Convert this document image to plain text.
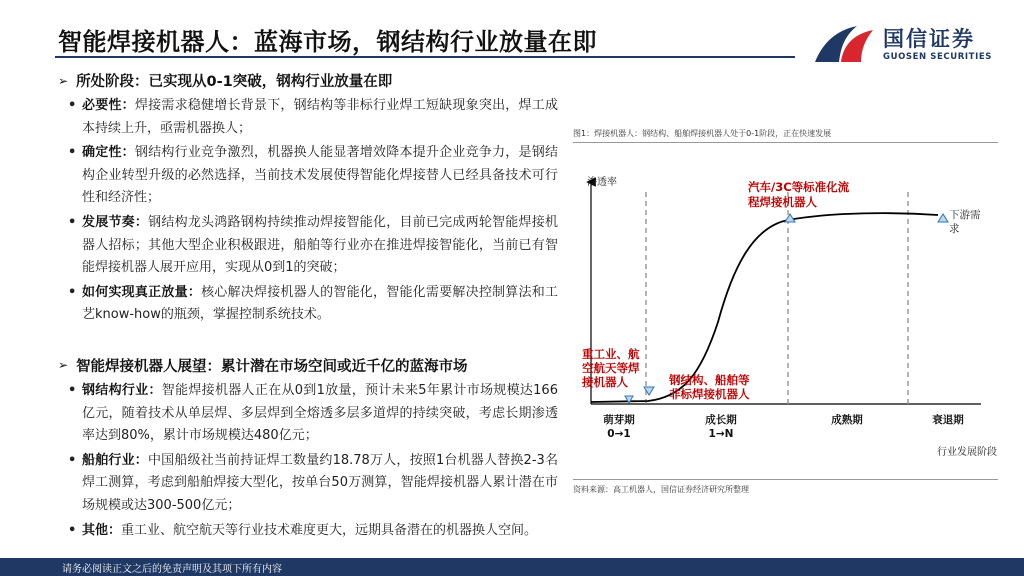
智能焊接机器人：蓝海市场，钢结构行业放量在即	国信证券
GUOSEN SECURITIES
➢ 所处阶段：已实现从0-1突破，钢构行业放量在即
• 必要性：焊接需求稳健增长背景下，钢结构等非标行业焊工短缺现象突出，焊工成本持续上升，亟需机器换人；
• 确定性：钢结构行业竞争激烈，机器换人能显著增效降本提升企业竞争力，是钢结构企业转型升级的必然选择，当前技术发展使得智能化焊接替人已经具备技术可行性和经济性；
• 发展节奏：钢结构龙头鸿路钢构持续推动焊接智能化，目前已完成两轮智能焊接机器人招标；其他大型企业积极跟进，船舶等行业亦在推进焊接智能化，当前已有智能焊接机器人展开应用，实现从0到1的突破；
• 如何实现真正放量：核心解决焊接机器人的智能化，智能化需要解决控制算法和工艺know-how的瓶颈，掌握控制系统技术。
➢ 智能焊接机器人展望：累计潜在市场空间或近千亿的蓝海市场
• 钢结构行业：智能焊接机器人正在从0到1放量，预计未来5年累计市场规模达166亿元，随着技术从单层焊、多层焊到全熔透多层多道焊的持续突破，考虑长期渗透率达到80%，累计市场规模达480亿元；
• 船舶行业：中国船级社当前持证焊工数量约18.78万人，按照1台机器人替换2-3名焊工测算，考虑到船舶焊接大型化，按单台50万测算，智能焊接机器人累计潜在市场规模或达300-500亿元；
• 其他：重工业、航空航天等行业技术难度更大，远期具备潜在的机器换人空间。
图1：焊接机器人：钢结构、船舶焊接机器人处于0-1阶段，正在快速发展
渗透率
行业发展阶段
重工业、航 空航天等焊 接机器人	钢结构、船舶等 非标焊接机器人
汽车/3C等标准化流 程焊接机器人
下游需 求
萌芽期
0→1
成长期
1→N
成熟期	衰退期
资料来源：高工机器人，国信证券经济研究所整理
请务必阅读正文之后的免责声明及其项下所有内容
